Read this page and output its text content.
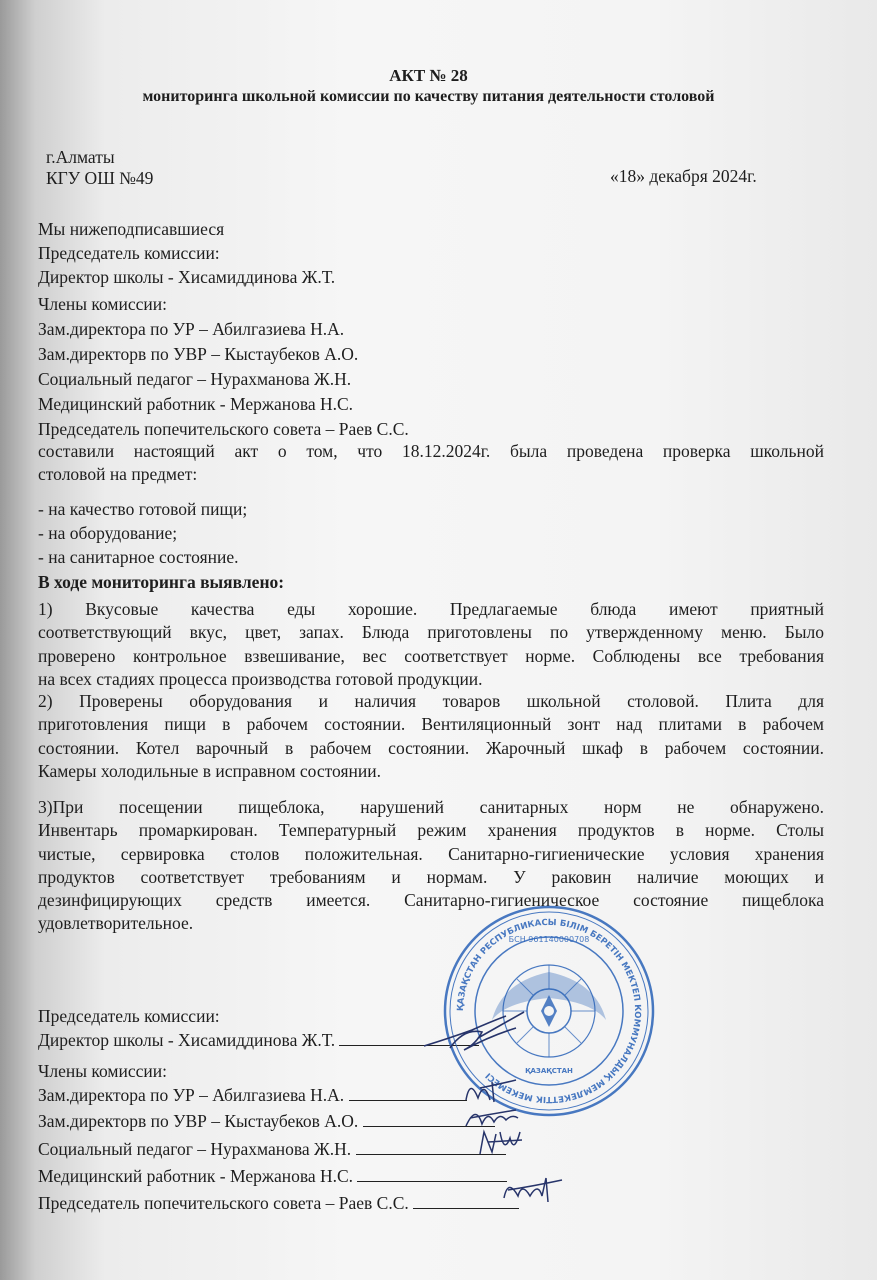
АКТ № 28
мониторинга школьной комиссии по качеству питания деятельности столовой
г.Алматы
КГУ ОШ №49	«18» декабря 2024г.
Мы нижеподписавшиеся
Председатель комиссии:
Директор школы - Хисамиддинова Ж.Т.
Члены комиссии:
Зам.директора по УР – Абилгазиева Н.А.
Зам.директорв по УВР – Кыстаубеков А.О.
Социальный педагог – Нурахманова Ж.Н.
Медицинский работник - Мержанова Н.С.
Председатель попечительского совета – Раев С.С.
составили настоящий акт о том, что 18.12.2024г. была проведена проверка школьной
столовой на предмет:
- на качество готовой пищи;
- на оборудование;
- на санитарное состояние.
В ходе мониторинга выявлено:
1) Вкусовые качества еды хорошие. Предлагаемые блюда имеют приятный
соответствующий вкус, цвет, запах. Блюда приготовлены по утвержденному меню. Было
проверено контрольное взвешивание, вес соответствует норме. Соблюдены все требования
на всех стадиях процесса производства готовой продукции.
2) Проверены оборудования и наличия товаров школьной столовой. Плита для
приготовления пищи в рабочем состоянии. Вентиляционный зонт над плитами в рабочем
состоянии. Котел варочный в рабочем состоянии. Жарочный шкаф в рабочем состоянии.
Камеры холодильные в исправном состоянии.
3)При посещении пищеблока, нарушений санитарных норм не обнаружено.
Инвентарь промаркирован. Температурный режим хранения продуктов в норме. Столы
чистые, сервировка столов положительная. Санитарно-гигиенические условия хранения
продуктов соответствует требованиям и нормам. У раковин наличие моющих и
дезинфицирующих средств имеется. Санитарно-гигиеническое состояние пищеблока
удовлетворительное.
Председатель комиссии:
Директор школы - Хисамиддинова Ж.Т.
Члены комиссии:
Зам.директора по УР – Абилгазиева Н.А.
Зам.директорв по УВР – Кыстаубеков А.О.
Социальный педагог – Нурахманова Ж.Н.
Медицинский работник - Мержанова Н.С.
Председатель попечительского совета – Раев С.С.
ҚАЗАҚСТАН РЕСПУБЛИКАСЫ БІЛІМ БЕРЕТІН МЕКТЕП КОММУНАЛДЫҚ МЕМЛЕКЕТТІК МЕКЕМЕСІ
БСН 961140000708
ҚАЗАҚСТАН
